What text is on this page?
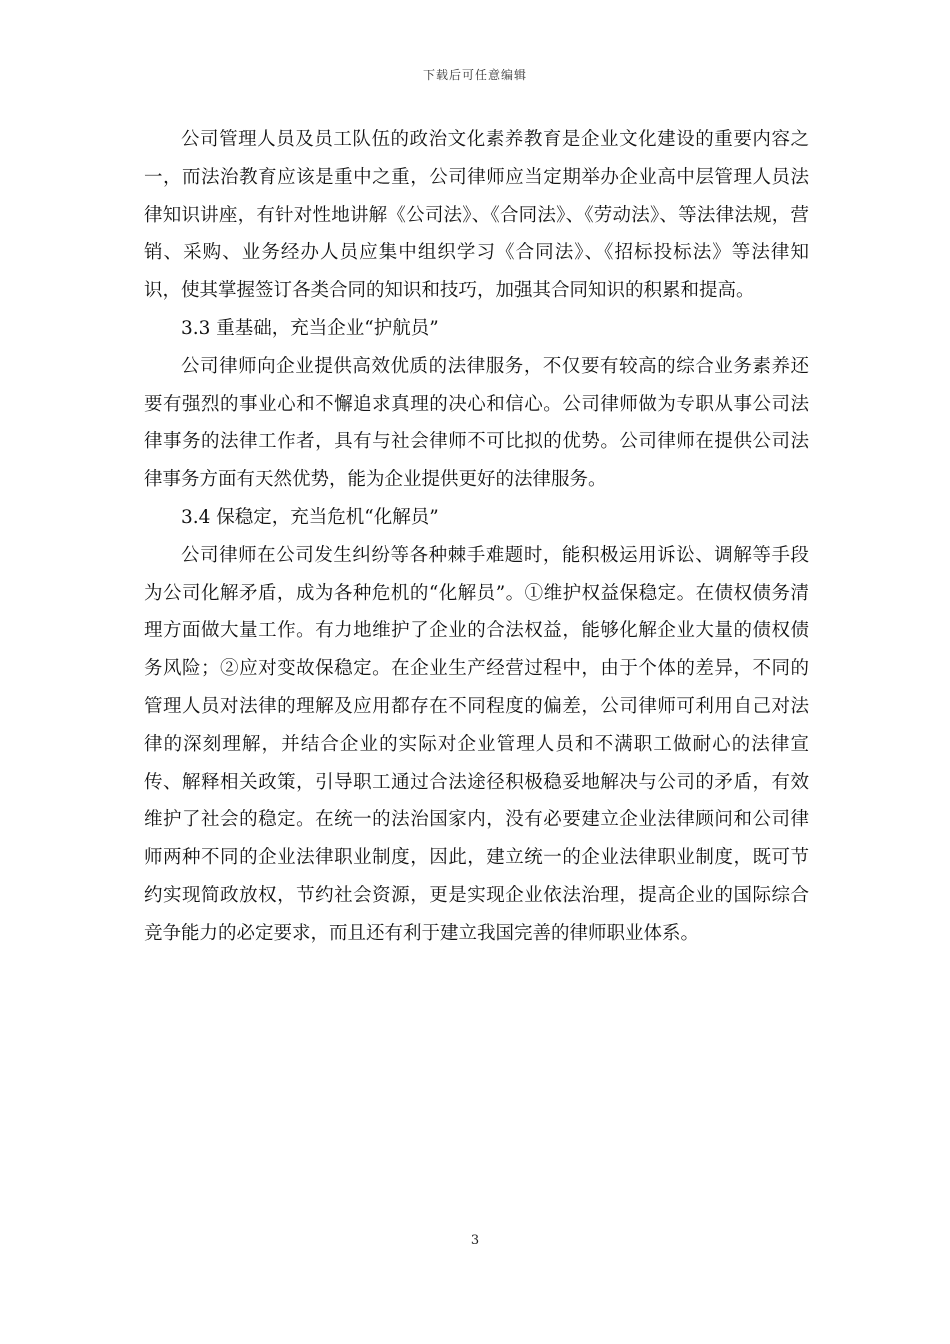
下载后可任意编辑

公司管理人员及员工队伍的政治文化素养教育是企业文化建设的重要内容之一，而法治教育应该是重中之重，公司律师应当定期举办企业高中层管理人员法律知识讲座，有针对性地讲解《公司法》、《合同法》、《劳动法》、等法律法规，营销、采购、业务经办人员应集中组织学习《合同法》、《招标投标法》等法律知识，使其掌握签订各类合同的知识和技巧，加强其合同知识的积累和提高。

3.3 重基础，充当企业“护航员”

公司律师向企业提供高效优质的法律服务，不仅要有较高的综合业务素养还要有强烈的事业心和不懈追求真理的决心和信心。公司律师做为专职从事公司法律事务的法律工作者，具有与社会律师不可比拟的优势。公司律师在提供公司法律事务方面有天然优势，能为企业提供更好的法律服务。

3.4 保稳定，充当危机“化解员”

公司律师在公司发生纠纷等各种棘手难题时，能积极运用诉讼、调解等手段为公司化解矛盾，成为各种危机的“化解员”。①维护权益保稳定。在债权债务清理方面做大量工作。有力地维护了企业的合法权益，能够化解企业大量的债权债务风险；②应对变故保稳定。在企业生产经营过程中，由于个体的差异，不同的管理人员对法律的理解及应用都存在不同程度的偏差，公司律师可利用自己对法律的深刻理解，并结合企业的实际对企业管理人员和不满职工做耐心的法律宣传、解释相关政策，引导职工通过合法途径积极稳妥地解决与公司的矛盾，有效维护了社会的稳定。在统一的法治国家内，没有必要建立企业法律顾问和公司律师两种不同的企业法律职业制度，因此，建立统一的企业法律职业制度，既可节约实现简政放权，节约社会资源，更是实现企业依法治理，提高企业的国际综合竞争能力的必定要求，而且还有利于建立我国完善的律师职业体系。

3
